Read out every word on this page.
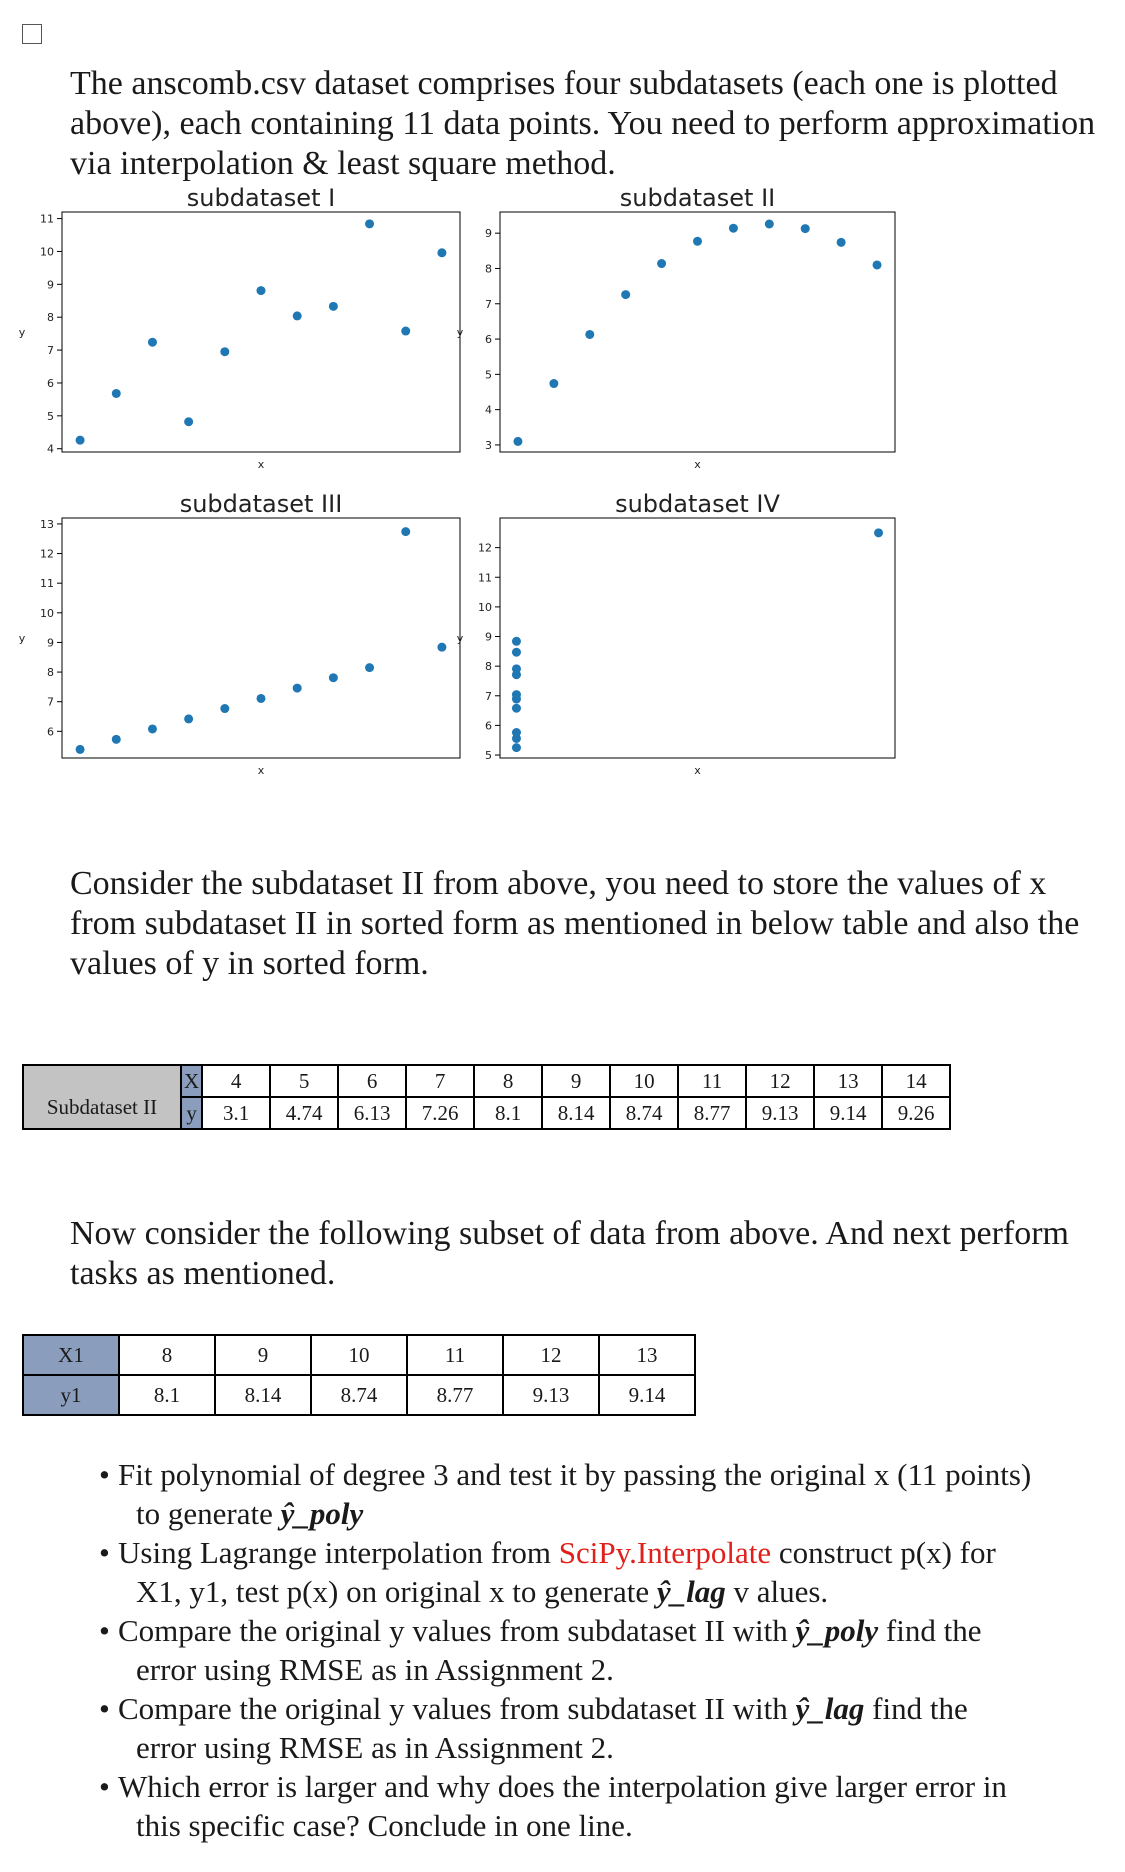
The anscomb.csv dataset comprises four subdatasets (each one is plotted above), each containing 11 data points. You need to perform approximation via interpolation & least square method.

subdataset I
4
5
6
7
8
9
10
11
x
y
subdataset II
3
4
5
6
7
8
9
x
y
subdataset III
6
7
8
9
10
11
12
13
x
y
subdataset IV
5
6
7
8
9
10
11
12
x
y

Consider the subdataset II from above, you need to store the values of x from subdataset II in sorted form as mentioned in below table and also the values of y in sorted form.

Subdataset II	X	4	5	6	7	8	9	10	11	12	13	14
	y	3.1	4.74	6.13	7.26	8.1	8.14	8.74	8.77	9.13	9.14	9.26

Now consider the following subset of data from above. And next perform tasks as mentioned.

X1	8	9	10	11	12	13
y1	8.1	8.14	8.74	8.77	9.13	9.14
• Fit polynomial of degree 3 and test it by passing the original x (11 points)
to generate ŷ_poly
• Using Lagrange interpolation from SciPy.Interpolate construct p(x) for
X1, y1, test p(x) on original x to generate ŷ_lag v alues.
• Compare the original y values from subdataset II with ŷ_poly find the
error using RMSE as in Assignment 2.
• Compare the original y values from subdataset II with ŷ_lag find the
error using RMSE as in Assignment 2.
• Which error is larger and why does the interpolation give larger error in
this specific case? Conclude in one line.
